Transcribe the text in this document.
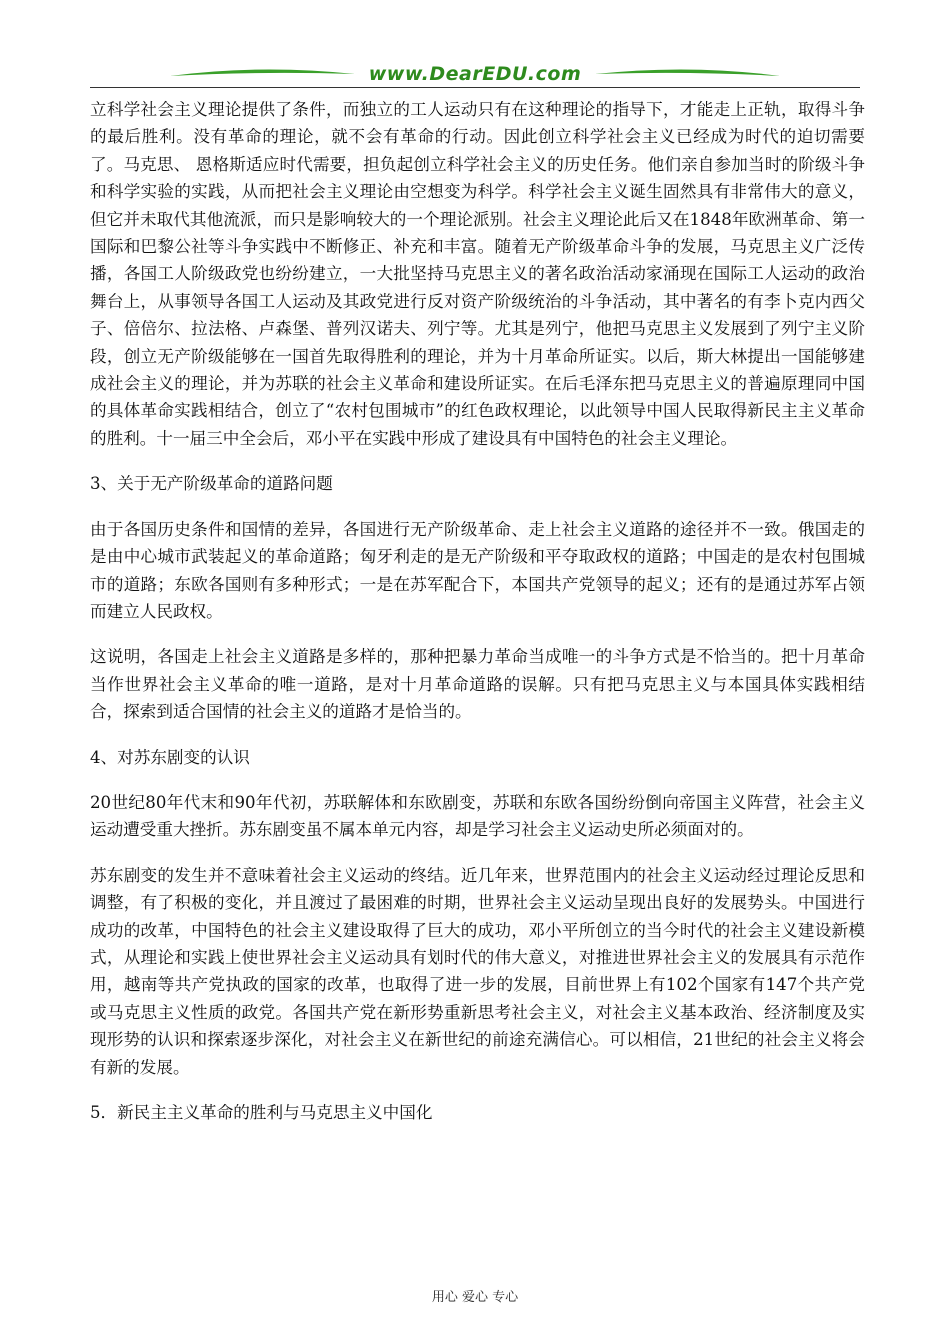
www.DearEDU.com

立科学社会主义理论提供了条件，而独立的工人运动只有在这种理论的指导下，才能走上正轨，取得斗争的最后胜利。没有革命的理论，就不会有革命的行动。因此创立科学社会主义已经成为时代的迫切需要了。马克思、 恩格斯适应时代需要，担负起创立科学社会主义的历史任务。他们亲自参加当时的阶级斗争和科学实验的实践，从而把社会主义理论由空想变为科学。科学社会主义诞生固然具有非常伟大的意义，但它并未取代其他流派，而只是影响较大的一个理论派别。社会主义理论此后又在1848年欧洲革命、第一国际和巴黎公社等斗争实践中不断修正、补充和丰富。随着无产阶级革命斗争的发展，马克思主义广泛传播，各国工人阶级政党也纷纷建立，一大批坚持马克思主义的著名政治活动家涌现在国际工人运动的政治舞台上，从事领导各国工人运动及其政党进行反对资产阶级统治的斗争活动，其中著名的有李卜克内西父子、倍倍尔、拉法格、卢森堡、普列汉诺夫、列宁等。尤其是列宁，他把马克思主义发展到了列宁主义阶段，创立无产阶级能够在一国首先取得胜利的理论，并为十月革命所证实。以后，斯大林提出一国能够建成社会主义的理论，并为苏联的社会主义革命和建设所证实。在后毛泽东把马克思主义的普遍原理同中国的具体革命实践相结合，创立了“农村包围城市”的红色政权理论，以此领导中国人民取得新民主主义革命的胜利。十一届三中全会后，邓小平在实践中形成了建设具有中国特色的社会主义理论。

3、关于无产阶级革命的道路问题

由于各国历史条件和国情的差异，各国进行无产阶级革命、走上社会主义道路的途径并不一致。俄国走的是由中心城市武装起义的革命道路；匈牙利走的是无产阶级和平夺取政权的道路；中国走的是农村包围城市的道路；东欧各国则有多种形式；一是在苏军配合下，本国共产党领导的起义；还有的是通过苏军占领而建立人民政权。

这说明，各国走上社会主义道路是多样的，那种把暴力革命当成唯一的斗争方式是不恰当的。把十月革命当作世界社会主义革命的唯一道路，是对十月革命道路的误解。只有把马克思主义与本国具体实践相结合，探索到适合国情的社会主义的道路才是恰当的。

4、对苏东剧变的认识

20世纪80年代末和90年代初，苏联解体和东欧剧变，苏联和东欧各国纷纷倒向帝国主义阵营，社会主义运动遭受重大挫折。苏东剧变虽不属本单元内容，却是学习社会主义运动史所必须面对的。

苏东剧变的发生并不意味着社会主义运动的终结。近几年来，世界范围内的社会主义运动经过理论反思和调整，有了积极的变化，并且渡过了最困难的时期，世界社会主义运动呈现出良好的发展势头。中国进行成功的改革，中国特色的社会主义建设取得了巨大的成功，邓小平所创立的当今时代的社会主义建设新模式，从理论和实践上使世界社会主义运动具有划时代的伟大意义，对推进世界社会主义的发展具有示范作用，越南等共产党执政的国家的改革，也取得了进一步的发展，目前世界上有102个国家有147个共产党或马克思主义性质的政党。各国共产党在新形势重新思考社会主义，对社会主义基本政治、经济制度及实现形势的认识和探索逐步深化，对社会主义在新世纪的前途充满信心。可以相信，21世纪的社会主义将会有新的发展。

5．新民主主义革命的胜利与马克思主义中国化

用心 爱心 专心
